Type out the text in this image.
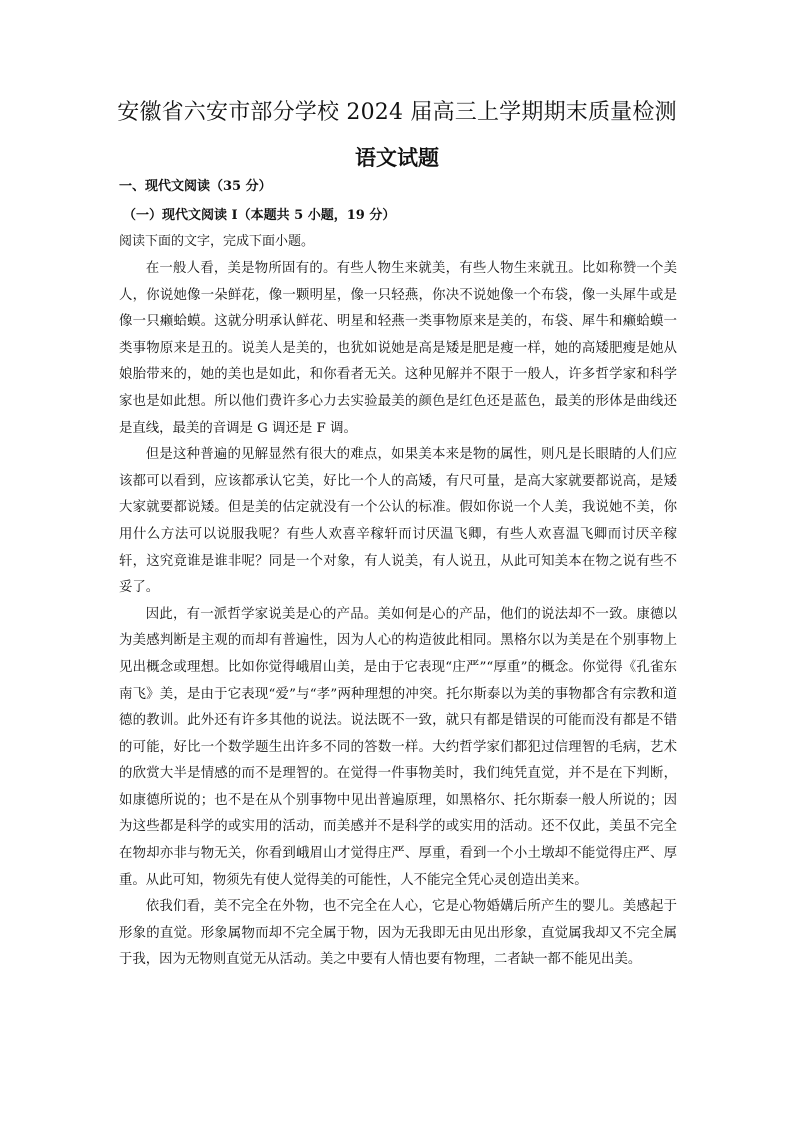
安徽省六安市部分学校 2024 届高三上学期期末质量检测
语文试题
一、现代文阅读（35 分）
（一）现代文阅读 I（本题共 5 小题，19 分）
阅读下面的文字，完成下面小题。

在一般人看，美是物所固有的。有些人物生来就美，有些人物生来就丑。比如称赞一个美人，你说她像一朵鲜花，像一颗明星，像一只轻燕，你决不说她像一个布袋，像一头犀牛或是像一只癞蛤蟆。这就分明承认鲜花、明星和轻燕一类事物原来是美的，布袋、犀牛和癞蛤蟆一类事物原来是丑的。说美人是美的，也犹如说她是高是矮是肥是瘦一样，她的高矮肥瘦是她从娘胎带来的，她的美也是如此，和你看者无关。这种见解并不限于一般人，许多哲学家和科学家也是如此想。所以他们费许多心力去实验最美的颜色是红色还是蓝色，最美的形体是曲线还是直线，最美的音调是 G 调还是 F 调。

但是这种普遍的见解显然有很大的难点，如果美本来是物的属性，则凡是长眼睛的人们应该都可以看到，应该都承认它美，好比一个人的高矮，有尺可量，是高大家就要都说高，是矮大家就要都说矮。但是美的估定就没有一个公认的标准。假如你说一个人美，我说她不美，你用什么方法可以说服我呢？有些人欢喜辛稼轩而讨厌温飞卿，有些人欢喜温飞卿而讨厌辛稼轩，这究竟谁是谁非呢？同是一个对象，有人说美，有人说丑，从此可知美本在物之说有些不妥了。

因此，有一派哲学家说美是心的产品。美如何是心的产品，他们的说法却不一致。康德以为美感判断是主观的而却有普遍性，因为人心的构造彼此相同。黑格尔以为美是在个别事物上见出概念或理想。比如你觉得峨眉山美，是由于它表现“庄严”“厚重”的概念。你觉得《孔雀东南飞》美，是由于它表现“爱”与“孝”两种理想的冲突。托尔斯泰以为美的事物都含有宗教和道德的教训。此外还有许多其他的说法。说法既不一致，就只有都是错误的可能而没有都是不错的可能，好比一个数学题生出许多不同的答数一样。大约哲学家们都犯过信理智的毛病，艺术的欣赏大半是情感的而不是理智的。在觉得一件事物美时，我们纯凭直觉，并不是在下判断，如康德所说的；也不是在从个别事物中见出普遍原理，如黑格尔、托尔斯泰一般人所说的；因为这些都是科学的或实用的活动，而美感并不是科学的或实用的活动。还不仅此，美虽不完全在物却亦非与物无关，你看到峨眉山才觉得庄严、厚重，看到一个小土墩却不能觉得庄严、厚重。从此可知，物须先有使人觉得美的可能性，人不能完全凭心灵创造出美来。

依我们看，美不完全在外物，也不完全在人心，它是心物婚媾后所产生的婴儿。美感起于形象的直觉。形象属物而却不完全属于物，因为无我即无由见出形象，直觉属我却又不完全属于我，因为无物则直觉无从活动。美之中要有人情也要有物理，二者缺一都不能见出美。
